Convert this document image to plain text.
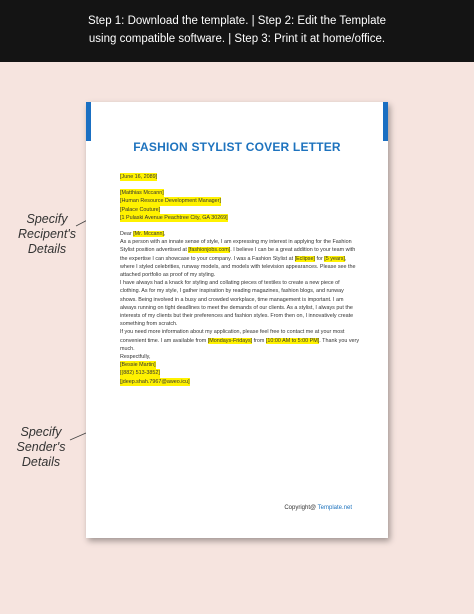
Step 1: Download the template. | Step 2: Edit the Template
using compatible software. | Step 3: Print it at home/office.
Specify
Recipent's
Details
Specify
Sender's
Details
FASHION STYLIST COVER LETTER
[June 16, 2089]
[Matthias Mccann]
[Human Resource Development Manager]
[Palace Couture]
[1 Pulaski Avenue Peachtree City, GA 30269]

Dear [Mr. Mccann],

As a person with an innate sense of style, I am expressing my interest in applying for the Fashion Stylist position advertised at [fashionjobs.com]. I believe I can be a great addition to your team with the expertise I can showcase to your company. I was a Fashion Stylist at [Eclipse] for [5 years], where I styled celebrities, runway models, and models with television appearances. Please see the attached portfolio as proof of my styling.

I have always had a knack for styling and collating pieces of textiles to create a new piece of clothing. As for my style, I gather inspiration by reading magazines, fashion blogs, and runway shows. Being involved in a busy and crowded workplace, time management is important. I am always running on tight deadlines to meet the demands of our clients. As a stylist, I always put the interests of my clients but their preferences and fashion styles. From then on, I innovatively create something from scratch.

If you need more information about my application, please feel free to contact me at your most convenient time. I am available from [Mondays-Fridays] from [10:00 AM to 5:00 PM]. Thank you very much.

Respectfully,

[Bessie Martin]
[(882) 513-3852]
[jdeep.shah.7967@aweo.icu]
Copyright@ Template.net
